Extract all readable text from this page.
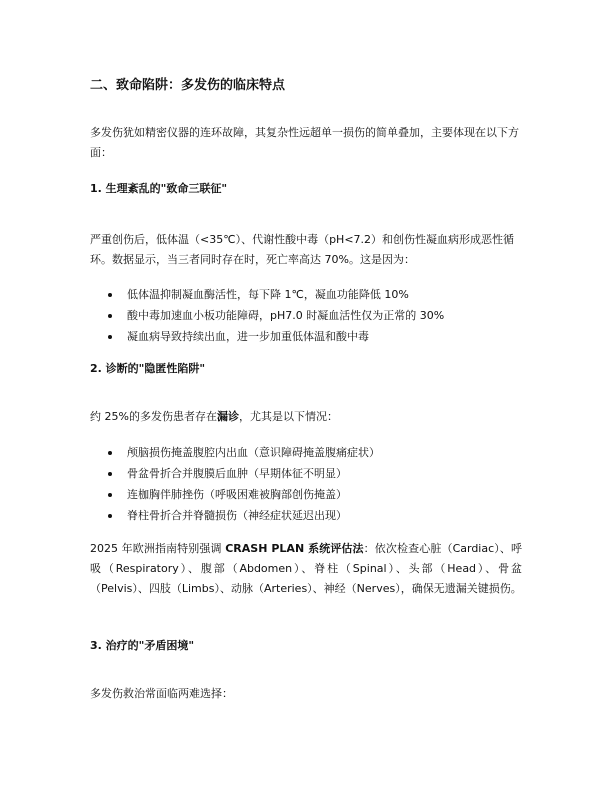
二、致命陷阱：多发伤的临床特点

多发伤犹如精密仪器的连环故障，其复杂性远超单一损伤的简单叠加，主要体现在以下方面：

1. 生理紊乱的"致命三联征"

严重创伤后，低体温（<35℃）、代谢性酸中毒（pH<7.2）和创伤性凝血病形成恶性循环。数据显示，当三者同时存在时，死亡率高达 70%。这是因为：

低体温抑制凝血酶活性，每下降 1℃，凝血功能降低 10%
酸中毒加速血小板功能障碍，pH7.0 时凝血活性仅为正常的 30%
凝血病导致持续出血，进一步加重低体温和酸中毒
2. 诊断的"隐匿性陷阱"

约 25%的多发伤患者存在漏诊，尤其是以下情况：

颅脑损伤掩盖腹腔内出血（意识障碍掩盖腹痛症状）
骨盆骨折合并腹膜后血肿（早期体征不明显）
连枷胸伴肺挫伤（呼吸困难被胸部创伤掩盖）
脊柱骨折合并脊髓损伤（神经症状延迟出现）

2025 年欧洲指南特别强调 CRASH PLAN 系统评估法：依次检查心脏（Cardiac）、呼吸（Respiratory）、腹部（Abdomen）、脊柱（Spinal）、头部（Head）、骨盆（Pelvis）、四肢（Limbs）、动脉（Arteries）、神经（Nerves），确保无遗漏关键损伤。

3. 治疗的"矛盾困境"

多发伤救治常面临两难选择：
